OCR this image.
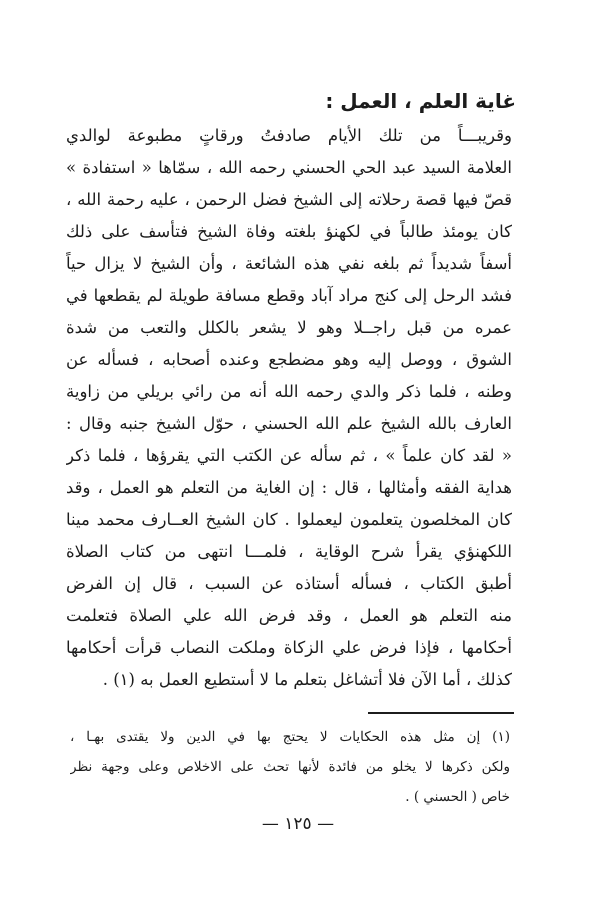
غاية العلم ، العمل :
وقريبـــاً من تلك الأيام صادفتُ ورقاتٍ مطبوعة لوالدي
العلامة السيد عبد الحي الحسني رحمه الله ، سمّاها « استفادة »
قصّ فيها قصة رحلاته إلى الشيخ فضل الرحمن ، عليه رحمة الله ،
كان يومئذ طالباً في لكهنؤ بلغته وفاة الشيخ فتأسف على ذلك
أسفاً شديداً ثم بلغه نفي هذه الشائعة ، وأن الشيخ لا يزال حياً
فشد الرحل إلى كنج مراد آباد وقطع مسافة طويلة لم يقطعها في
عمره من قبل راجــلا وهو لا يشعر بالكلل والتعب من شدة
الشوق ، ووصل إليه وهو مضطجع وعنده أصحابه ، فسأله عن
وطنه ، فلما ذكر والدي رحمه الله أنه من رائي بريلي من زاوية
العارف بالله الشيخ علم الله الحسني ، حوّل الشيخ جنبه وقال :
« لقد كان علماً » ، ثم سأله عن الكتب التي يقرؤها ، فلما ذكر
هداية الفقه وأمثالها ، قال : إن الغاية من التعلم هو العمل ، وقد
كان المخلصون يتعلمون ليعملوا . كان الشيخ العــارف محمد مينا
اللكهنؤي يقرأ شرح الوقاية ، فلمـــا انتهى من كتاب الصلاة
أطبق الكتاب ، فسأله أستاذه عن السبب ، قال إن الفرض
منه التعلم هو العمل ، وقد فرض الله علي الصلاة فتعلمت
أحكامها ، فإذا فرض علي الزكاة وملكت النصاب قرأت أحكامها
كذلك ، أما الآن فلا أتشاغل بتعلم ما لا أستطيع العمل به (١) .
(١) إن مثل هذه الحكايات لا يحتج بها في الدين ولا يقتدى بهـا ،
ولكن ذكرها لا يخلو من فائدة لأنها تحث على الاخلاص وعلى وجهة نظر
خاص ( الحسني ) .
— ١٢٥ —
